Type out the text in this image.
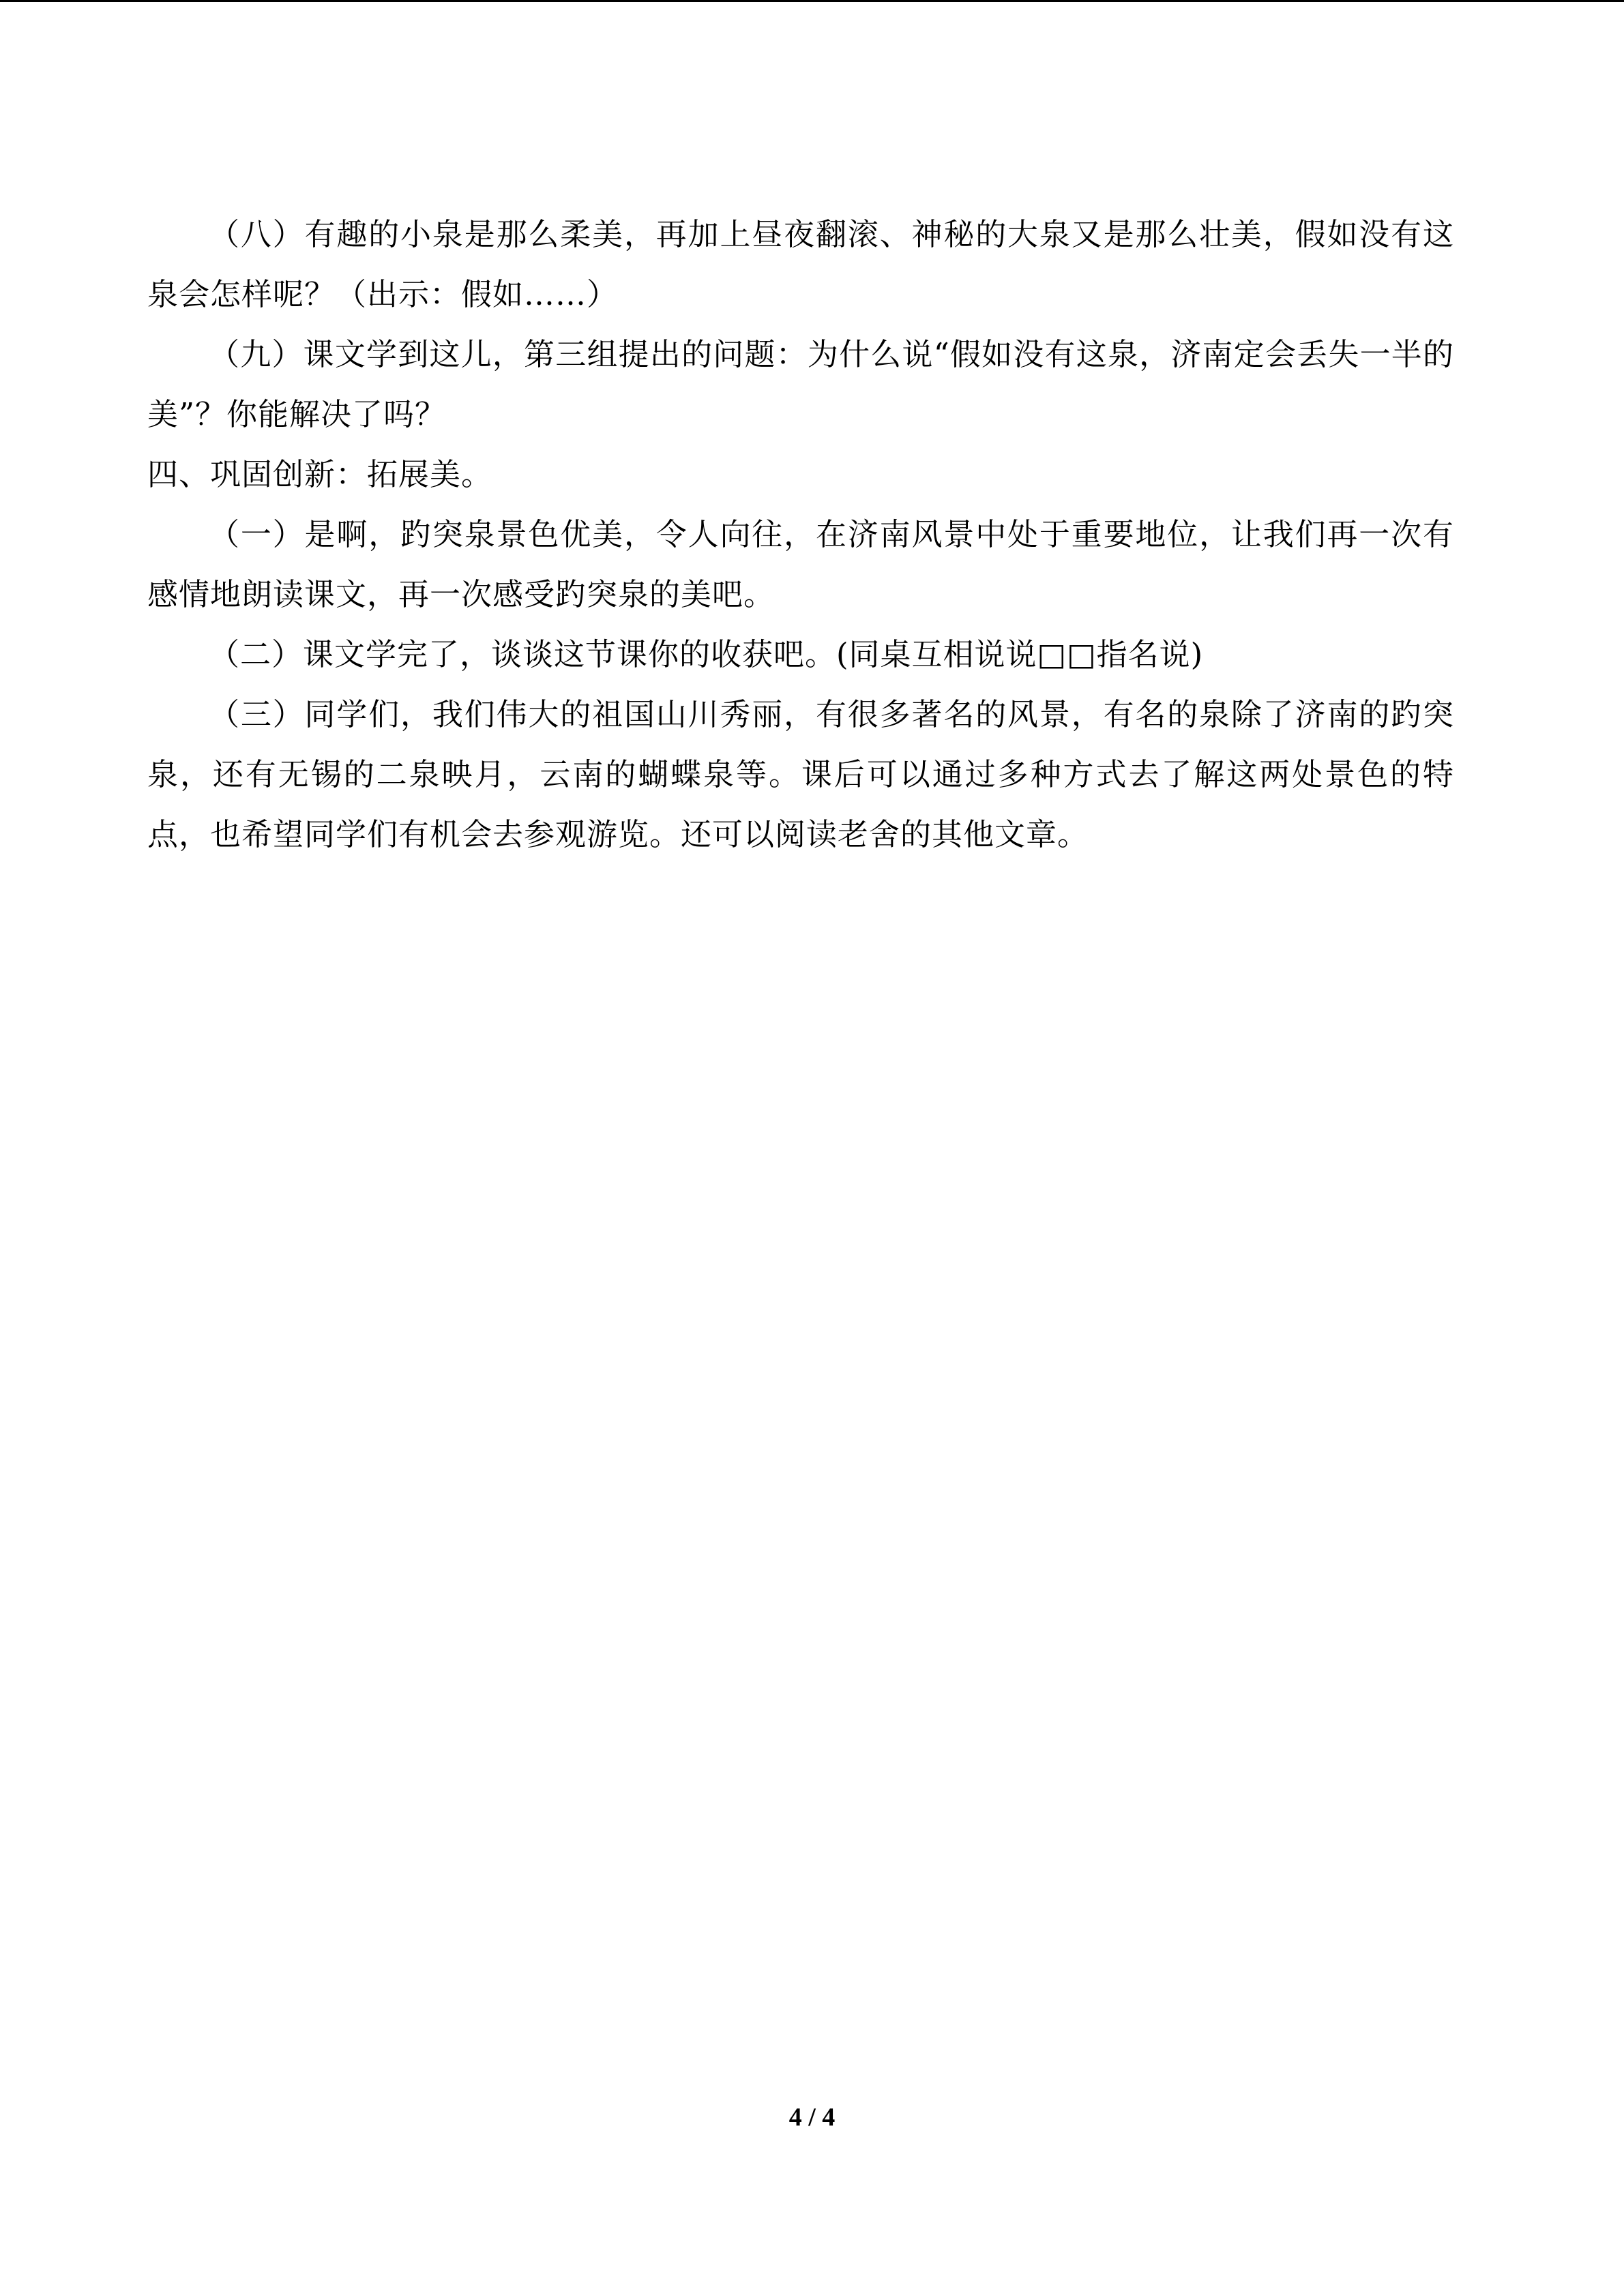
（八）有趣的小泉是那么柔美，再加上昼夜翻滚、神秘的大泉又是那么壮美，假如没有这泉会怎样呢？（出示：假如……）

（九）课文学到这儿，第三组提出的问题：为什么说“假如没有这泉，济南定会丢失一半的美”？你能解决了吗？

四、巩固创新：拓展美。

（一）是啊，趵突泉景色优美，令人向往，在济南风景中处于重要地位，让我们再一次有感情地朗读课文，再一次感受趵突泉的美吧。

（二）课文学完了，谈谈这节课你的收获吧。(同桌互相说说□□指名说)

（三）同学们，我们伟大的祖国山川秀丽，有很多著名的风景，有名的泉除了济南的趵突泉，还有无锡的二泉映月，云南的蝴蝶泉等。课后可以通过多种方式去了解这两处景色的特点，也希望同学们有机会去参观游览。还可以阅读老舍的其他文章。

4 / 4
